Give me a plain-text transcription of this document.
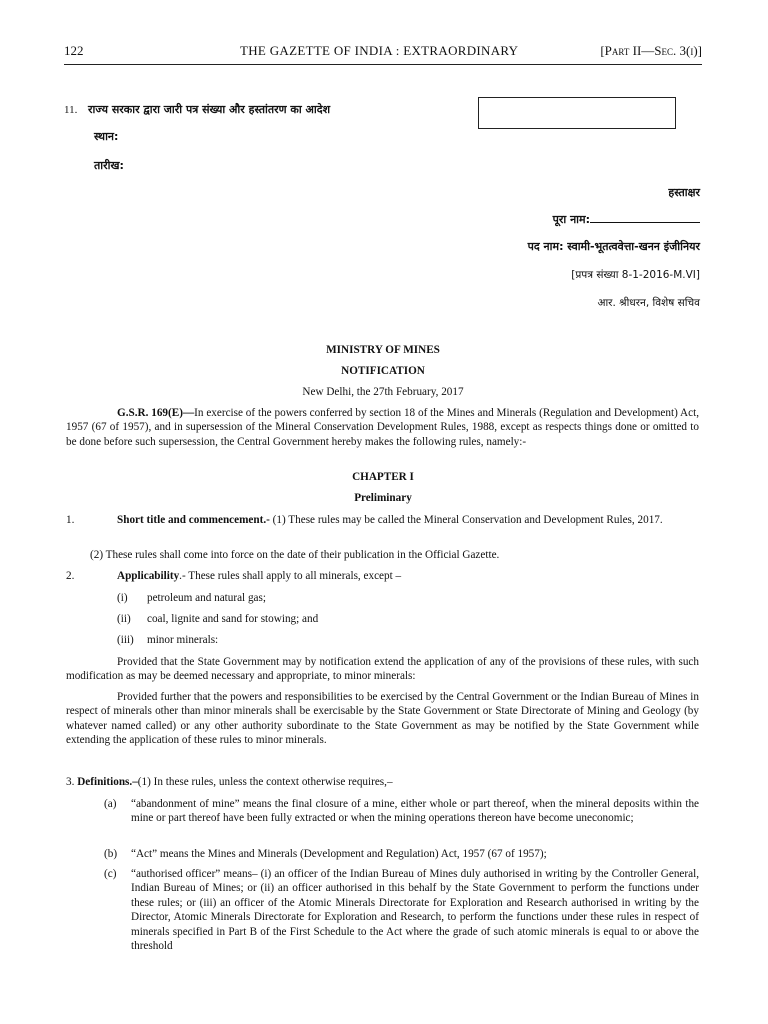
122	THE GAZETTE OF INDIA : EXTRAORDINARY	[Part II—Sec. 3(i)]
11. राज्य सरकार द्वारा जारी पत्र संख्या और हस्तांतरण का आदेश
स्थान:
तारीख:
हस्ताक्षर
पूरा नाम:
पद नाम: स्वामी-भूतत्ववेत्ता-खनन इंजीनियर
[प्रपत्र संख्या 8-1-2016-M.VI]
आर. श्रीधरन, विशेष सचिव
MINISTRY OF MINES
NOTIFICATION
New Delhi, the 27th February, 2017
G.S.R. 169(E)—In exercise of the powers conferred by section 18 of the Mines and Minerals (Regulation and Development) Act, 1957 (67 of 1957), and in supersession of the Mineral Conservation Development Rules, 1988, except as respects things done or omitted to be done before such supersession, the Central Government hereby makes the following rules, namely:-
CHAPTER I
Preliminary
1.	Short title and commencement.- (1) These rules may be called the Mineral Conservation and Development Rules, 2017.
(2) These rules shall come into force on the date of their publication in the Official Gazette.
2.	Applicability.- These rules shall apply to all minerals, except –
(i) petroleum and natural gas;
(ii) coal, lignite and sand for stowing; and
(iii) minor minerals:
Provided that the State Government may by notification extend the application of any of the provisions of these rules, with such modification as may be deemed necessary and appropriate, to minor minerals:
Provided further that the powers and responsibilities to be exercised by the Central Government or the Indian Bureau of Mines in respect of minerals other than minor minerals shall be exercisable by the State Government or State Directorate of Mining and Geology (by whatever named called) or any other authority subordinate to the State Government as may be notified by the State Government while extending the application of these rules to minor minerals.
3. Definitions.–(1) In these rules, unless the context otherwise requires,–
(a) “abandonment of mine” means the final closure of a mine, either whole or part thereof, when the mineral deposits within the mine or part thereof have been fully extracted or when the mining operations thereon have become uneconomic;
(b) “Act” means the Mines and Minerals (Development and Regulation) Act, 1957 (67 of 1957);
(c) “authorised officer” means– (i) an officer of the Indian Bureau of Mines duly authorised in writing by the Controller General, Indian Bureau of Mines; or (ii) an officer authorised in this behalf by the State Government to perform the functions under these rules; or (iii) an officer of the Atomic Minerals Directorate for Exploration and Research authorised in writing by the Director, Atomic Minerals Directorate for Exploration and Research, to perform the functions under these rules in respect of minerals specified in Part B of the First Schedule to the Act where the grade of such atomic minerals is equal to or above the threshold
